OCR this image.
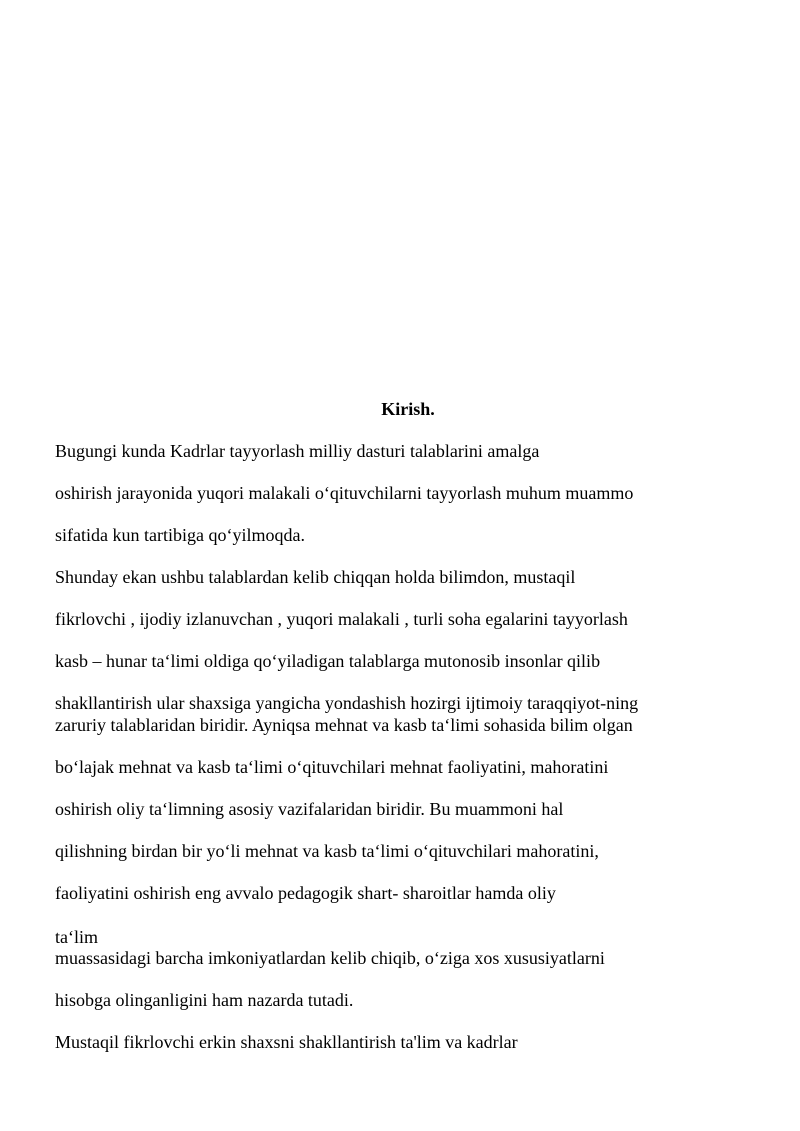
Kirish.
Bugungi kunda Kadrlar tayyorlash milliy dasturi talablarini amalga
oshirish jarayonida yuqori malakali o‘qituvchilarni tayyorlash muhum muammo
sifatida kun tartibiga qo‘yilmoqda.
Shunday ekan ushbu talablardan kelib chiqqan holda bilimdon, mustaqil
fikrlovchi , ijodiy izlanuvchan , yuqori malakali , turli soha egalarini tayyorlash
kasb – hunar ta‘limi oldiga qo‘yiladigan talablarga mutonosib insonlar qilib
shakllantirish ular shaxsiga yangicha yondashish hozirgi ijtimoiy taraqqiyot-ning
zaruriy talablaridan biridir. Ayniqsa mehnat va kasb ta‘limi sohasida bilim olgan
bo‘lajak mehnat va kasb ta‘limi o‘qituvchilari mehnat faoliyatini, mahoratini
oshirish oliy ta‘limning asosiy vazifalaridan biridir. Bu muammoni hal
qilishning birdan bir yo‘li mehnat va kasb ta‘limi o‘qituvchilari mahoratini,
faoliyatini oshirish eng avvalo pedagogik shart- sharoitlar hamda oliy
ta‘lim
muassasidagi barcha imkoniyatlardan kelib chiqib, o‘ziga xos xususiyatlarni
hisobga olinganligini ham nazarda tutadi.
Mustaqil fikrlovchi erkin shaxsni shakllantirish ta'lim va kadrlar
